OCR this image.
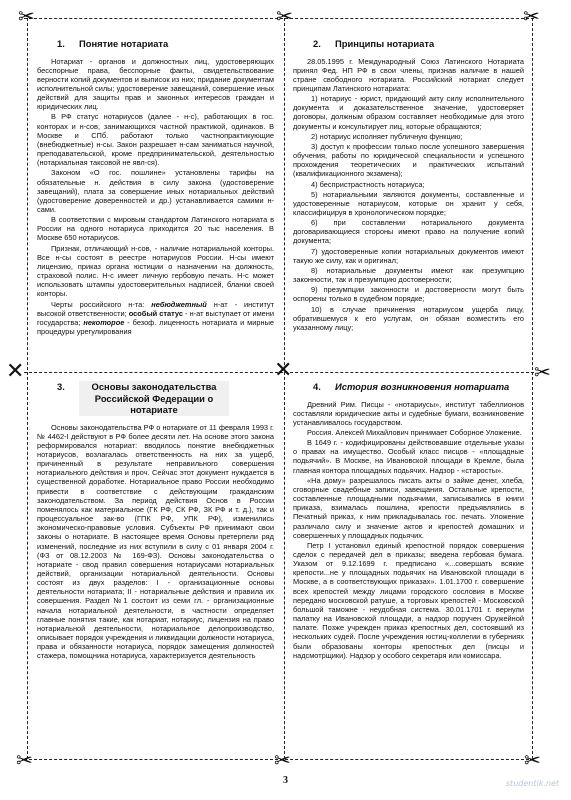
✂	✂	✂
✕	✕	✂
✂	✂	✂
1. Понятие нотариата

Нотариат - органов и должностных лиц, удостоверяющих бесспорные права, бесспорные факты, свидетельствование верности копий документов и выписок из них; придание документам исполнительной силы; удостоверение завещаний, совершение иных действий для защиты прав и законных интересов граждан и юридических лиц.

В РФ статус нотариусов (далее - н-с), работающих в гос. конторах и н-сов, занимающихся частной практикой, одинаков. В Москве и СПб. работают только частнопрактикующие (внебюджетные) н-сы. Закон разрешает н-сам заниматься научной, преподавательской, кроме предпринимательской, деятельностью (нотариальная таксовой не явл-ся).

Законом «О гос. пошлине» установлены тарифы на обязательные н. действия в силу закона (удостоверение завещаний), плата за совершение иных нотариальных действий (удостоверение доверенностей и др.) устанавливается самими н-сами.

В соответствии с мировым стандартом Латинского нотариата в России на одного нотариуса приходится 20 тыс населения. В Москве 650 нотариусов.

Признак, отличающий н-сов, - наличие нотариальной конторы. Все н-сы состоят в реестре нотариусов России. Н-сы имеют лицензию, приказ органа юстиции о назначении на должность, страховой полис. Н-с имеет личную гербовую печать. Н-с может использовать штампы удостоверительных надписей, бланки своей конторы.

Черты российского н-та: небюджетный н-ат - институт высокой ответственности; особый статус - н-ат выступает от имени государства; некоторое - безоф. лиценность нотариата и мирные процедуры урегулирования

2. Принципы нотариата

28.05.1995 г. Международный Союз Латинского Нотариата принял Фед. НП РФ в свои члены, признав наличие в нашей стране свободного нотариата. Российский нотариат следует принципам Латинского нотариата:

1) нотариус - юрист, придающий акту силу исполнительного документа и доказательственное значение, удостоверяет договоры, должным образом составляет необходимые для этого документы и консультирует лиц, которые обращаются;

2) нотариус исполняет публичную функцию;

3) доступ к профессии только после успешного завершения обучения, работы по юридической специальности и успешного прохождения теоретических и практических испытаний (квалификационного экзамена);

4) беспристрастность нотариуса;

5) нотариальными являются документы, составленные и удостоверенные нотариусом, которые он хранит у себя, классифицируя в хронологическом порядке;

6) при составлении нотариального документа договаривающиеся стороны имеют право на получение копий документа;

7) удостоверенные копии нотариальных документов имеют такую же силу, как и оригинал;

8) нотариальные документы имеют как презумпцию законности, так и презумпцию достоверности;

9) презумпции законности и достоверности могут быть оспорены только в судебном порядке;

10) в случае причинения нотариусом ущерба лицу, обратившемуся к его услугам, он обязан возместить его указанному лицу;

3.	Основы законодательства Российской Федерации о нотариате

Основы законодательства РФ о нотариате от 11 февраля 1993 г. № 4462-I действуют в РФ более десяти лет. На основе этого закона реформировался нотариат: вводилось понятие внебюджетных нотариусов, возлагалась ответственность на них за ущерб, причиненный в результате неправильного совершения нотариального действия и проч. Сейчас этот документ нуждается в существенной доработке. Нотариальное право России необходимо привести в соответствие с действующим гражданским законодательством. За период действия Основ в России поменялось как материальное (ГК РФ, СК РФ, ЗК РФ и т. д.), так и процессуальное зак-во (ГПК РФ, УПК РФ), изменились экономическо-правовые условия. Субъекты РФ принимают свои законы о нотариате. В настоящее время Основы претерпели ряд изменений, последние из них вступили в силу с 01 января 2004 г. (ФЗ от 08.12.2003 № 169-ФЗ). Основы законодательства о нотариате - свод правил совершения нотариусами нотариальных действий, организации нотариальной деятельности. Основы состоят из двух разделов: I - организационные основы деятельности нотариата; II - нотариальные действия и правила их совершения. Раздел №1 состоит из семи гл. - организационные начала нотариальной деятельности, в частности определяет главные понятия такие, как нотариат, нотариус, лицензия на право нотариальной деятельности, нотариальное делопроизводство, описывает порядок учреждения и ликвидации должности нотариуса, права и обязанности нотариуса, порядок замещения должностей стажера, помощника нотариуса, характеризуется деятельность

4. История возникновения нотариата

Древний Рим. Писцы - «нотариусы», институт табеллионов составляли юридические акты и судебные бумаги, возникновение устанавливалось государством.

Россия. Алексей Михайлович принимает Соборное Уложение.

В 1649 г. - кодифицированы действовавшие отдельные указы о правах на имущество. Особый класс писцов - «площадные подьячий». В Москве, на Ивановской площади в Кремле, была главная контора площадных подьячих. Надзор - «старосты».

«На дому» разрешалось писать акты о займе денег, хлеба, сговорные свадебные записи, завещания. Остальные крепости, составленные площадными подьячими, записывались в книги приказа, взималась пошлина, крепости предъявлялись в Печатный приказ, к ним прикладывалась гос. печать. Уложение различало силу и значение актов и крепостей домашних и совершенных у площадных подьячих.

Петр I установил единый крепостной порядок совершения сделок с передачей дел в приказы; введена гербовая бумага. Указом от 9.12.1699 г. предписано «...совершать всякие крепости...не у площадных подьячих на Ивановской площади в Москве, а в соответствующих приказах». 1.01.1700 г. совершение всех крепостей между лицами городского сословия в Москве передано московской ратуше, а торговых крепостей - Московской большой таможне - неудобная система. 30.01.1701 г. вернули палатку на Ивановской площади, а надзор поручен Оружейной палате. Позже учрежден приказ крепостных дел, состоявший из нескольких судей. После учреждения юстиц-коллегии в губерниях были образованы конторы крепостных дел (писцы и надсмотрщики). Надзор у особого секретаря или комиссара.

3	studentik.net
